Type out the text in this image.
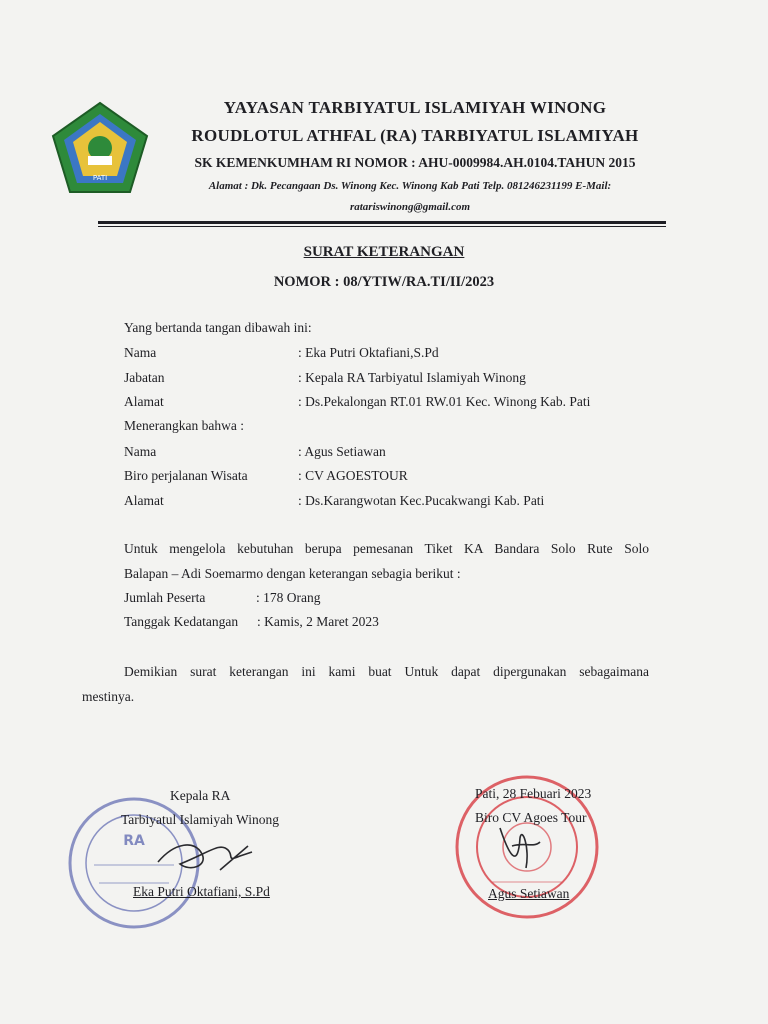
PATI
YAYASAN TARBIYATUL ISLAMIYAH WINONG
ROUDLOTUL ATHFAL (RA) TARBIYATUL ISLAMIYAH
SK KEMENKUMHAM RI NOMOR : AHU-0009984.AH.0104.TAHUN 2015
Alamat : Dk. Pecangaan Ds. Winong Kec. Winong Kab Pati Telp. 081246231199 E-Mail:
ratariswinong@gmail.com
SURAT KETERANGAN
NOMOR : 08/YTIW/RA.TI/II/2023
Yang bertanda tangan dibawah ini:
Nama	: Eka Putri Oktafiani,S.Pd
Jabatan	: Kepala RA Tarbiyatul Islamiyah Winong
Alamat	: Ds.Pekalongan RT.01 RW.01 Kec. Winong Kab. Pati
Menerangkan bahwa :
Nama	: Agus Setiawan
Biro perjalanan Wisata	: CV AGOESTOUR
Alamat	: Ds.Karangwotan Kec.Pucakwangi Kab. Pati
Untuk mengelola kebutuhan berupa pemesanan Tiket KA Bandara Solo Rute Solo
Balapan – Adi Soemarmo dengan keterangan sebagia berikut :
Jumlah Peserta	: 178 Orang
Tanggak Kedatangan : Kamis, 2 Maret 2023
Demikian surat keterangan ini kami buat Untuk dapat dipergunakan sebagaimana
mestinya.
RA
Kepala RA
Tarbiyatul Islamiyah Winong
Eka Putri Oktafiani, S.Pd
Pati, 28 Febuari 2023
Biro CV Agoes Tour
Agus Setiawan
